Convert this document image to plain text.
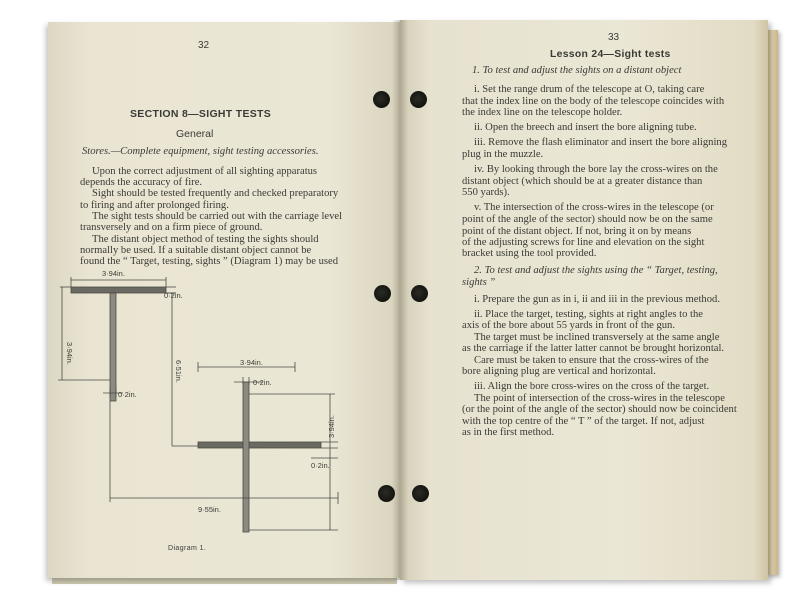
32
SECTION 8—SIGHT TESTS
General
Stores.—Complete equipment, sight testing accessories.
Upon the correct adjustment of all sighting apparatus
depends the accuracy of fire.
Sight should be tested frequently and checked preparatory
to firing and after prolonged firing.
The sight tests should be carried out with the carriage level
transversely and on a firm piece of ground.
The distant object method of testing the sights should
normally be used. If a suitable distant object cannot be
found the “ Target, testing, sights ” (Diagram 1) may be used
3·94in.
0·2in.
3·94in.
0·2in.
6·51in.	3·94in.
0·2in.
3·94in.
0·2in.
9·55in.
Diagram 1.
33
Lesson 24—Sight tests
1. To test and adjust the sights on a distant object
i. Set the range drum of the telescope at O, taking care
that the index line on the body of the telescope coincides with
the index line on the telescope holder.
ii. Open the breech and insert the bore aligning tube.
iii. Remove the flash eliminator and insert the bore aligning
plug in the muzzle.
iv. By looking through the bore lay the cross-wires on the
distant object (which should be at a greater distance than
550 yards).
v. The intersection of the cross-wires in the telescope (or
point of the angle of the sector) should now be on the same
point of the distant object. If not, bring it on by means
of the adjusting screws for line and elevation on the sight
bracket using the tool provided.
2. To test and adjust the sights using the “ Target, testing,
sights ”
i. Prepare the gun as in i, ii and iii in the previous method.
ii. Place the target, testing, sights at right angles to the
axis of the bore about 55 yards in front of the gun.
The target must be inclined transversely at the same angle
as the carriage if the latter latter cannot be brought horizontal.
Care must be taken to ensure that the cross-wires of the
bore aligning plug are vertical and horizontal.
iii. Align the bore cross-wires on the cross of the target.
The point of intersection of the cross-wires in the telescope
(or the point of the angle of the sector) should now be coincident
with the top centre of the “ T ” of the target. If not, adjust
as in the first method.
